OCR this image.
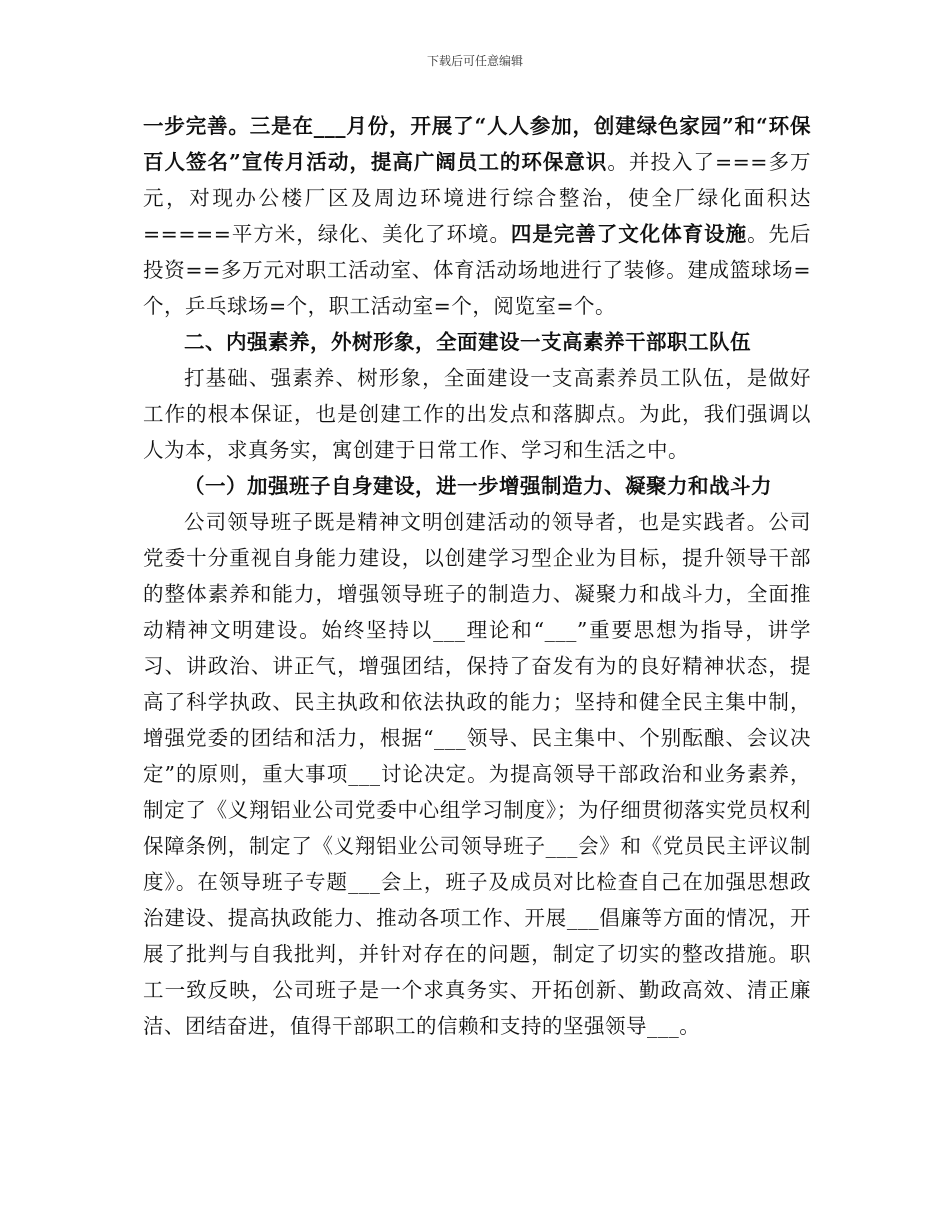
下载后可任意编辑

一步完善。三是在___月份，开展了“人人参加，创建绿色家园”和“环保百人签名”宣传月活动，提高广阔员工的环保意识。并投入了===多万元，对现办公楼厂区及周边环境进行综合整治，使全厂绿化面积达=====平方米，绿化、美化了环境。四是完善了文化体育设施。先后投资==多万元对职工活动室、体育活动场地进行了装修。建成篮球场=个，乒乓球场=个，职工活动室=个，阅览室=个。

二、内强素养，外树形象，全面建设一支高素养干部职工队伍

打基础、强素养、树形象，全面建设一支高素养员工队伍，是做好工作的根本保证，也是创建工作的出发点和落脚点。为此，我们强调以人为本，求真务实，寓创建于日常工作、学习和生活之中。

（一）加强班子自身建设，进一步增强制造力、凝聚力和战斗力

公司领导班子既是精神文明创建活动的领导者，也是实践者。公司党委十分重视自身能力建设，以创建学习型企业为目标，提升领导干部的整体素养和能力，增强领导班子的制造力、凝聚力和战斗力，全面推动精神文明建设。始终坚持以___理论和“___”重要思想为指导，讲学习、讲政治、讲正气，增强团结，保持了奋发有为的良好精神状态，提高了科学执政、民主执政和依法执政的能力；坚持和健全民主集中制，增强党委的团结和活力，根据“___领导、民主集中、个别酝酿、会议决定”的原则，重大事项___讨论决定。为提高领导干部政治和业务素养，制定了《义翔铝业公司党委中心组学习制度》；为仔细贯彻落实党员权利保障条例，制定了《义翔铝业公司领导班子___会》和《党员民主评议制度》。在领导班子专题___会上，班子及成员对比检查自己在加强思想政治建设、提高执政能力、推动各项工作、开展___倡廉等方面的情况，开展了批判与自我批判，并针对存在的问题，制定了切实的整改措施。职工一致反映，公司班子是一个求真务实、开拓创新、勤政高效、清正廉洁、团结奋进，值得干部职工的信赖和支持的坚强领导___。
